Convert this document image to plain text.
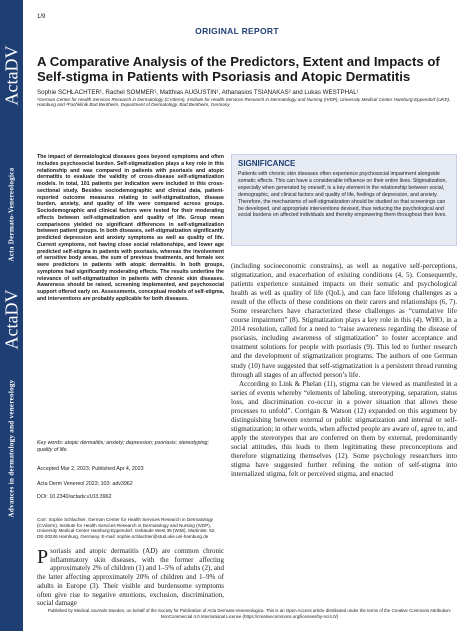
ActaDV
Acta Dermato-Venereologica
ActaDV
Advances in dermatology and venereology
1/9
ORIGINAL REPORT
A Comparative Analysis of the Predictors, Extent and Impacts of Self-stigma in Patients with Psoriasis and Atopic Dermatitis
Sophie SCHLACHTER¹, Rachel SOMMER¹, Matthias AUGUSTIN¹, Athanasios TSIANAKAS² and Lukas WESTPHAL¹
¹German Center for Health Services Research in Dermatology (CVderm), Institute for Health Services Research in Dermatology and Nursing (IVDP), University Medical Center Hamburg-Eppendorf (UKE), Hamburg and ²Fachklinik Bad Bentheim, Department of Dermatology, Bad Bentheim, Germany

The impact of dermatological diseases goes beyond symptoms and often includes psychosocial burden. Self-stigmatization plays a key role in this relationship and was compared in patients with psoriasis and atopic dermatitis to evaluate the validity of cross-disease self-stigmatization models. In total, 101 patients per indication were included in this cross-sectional study. Besides sociodemographic and clinical data, patient-reported outcome measures relating to self-stigmatization, disease burden, anxiety, and quality of life were compared across groups. Sociodemographic and clinical factors were tested for their moderating effects between self-stigmatization and quality of life. Group mean comparisons yielded no significant differences in self-stigmatization between patient groups. In both diseases, self-stigmatization significantly predicted depression and anxiety symptoms as well as quality of life. Current symptoms, not having close social relationships, and lower age predicted self-stigma in patients with psoriasis, whereas the involvement of sensitive body areas, the sum of previous treatments, and female sex were predictors in patients with atopic dermatitis. In both groups, symptoms had significantly moderating effects. The results underline the relevance of self-stigmatization in patients with chronic skin diseases. Awareness should be raised, screening implemented, and psychosocial support offered early on. Assessments, conceptual models of self-stigma, and interventions are probably applicable for both diseases.

Key words: atopic dermatitis; anxiety; depression; psoriasis; stereotyping; quality of life.

Accepted Mar 2, 2023; Published Apr 4, 2023

Acta Derm Venereol 2023; 103: adv3962

DOI: 10.2340/actadv.v103.3962

Corr: Sophie Schlachter, German Center for Health Services Research in Dermatology (CVderm), Institute for Health Services Research in Dermatology and Nursing (IVDP), University Medical Center Hamburg-Eppendorf, Gebäude West 38 (W38), Martinistr. 52, DE-20246 Hamburg, Germany. E-mail: sophie.schlachter@stud.uke.uni-hamburg.de

Psoriasis and atopic dermatitis (AD) are common chronic inflammatory skin diseases, with the former affecting approximately 2% of children (1) and 1–5% of adults (2), and the latter affecting approximately 20% of children and 1–9% of adults in Europe (3). Their visible and burdensome symptoms often give rise to negative emotions, exclusion, discrimination, social damage

SIGNIFICANCE

Patients with chronic skin diseases often experience psychosocial impairment alongside somatic effects. This can have a considerable influence on their entire lives. Stigmatization, especially when generated by oneself, is a key element in the relationship between social, demographic, and clinical factors and quality of life, feelings of depression, and anxiety. Therefore, the mechanisms of self-stigmatization should be studied so that screenings can be developed, and appropriate interventions devised, thus reducing the psychological and social burdens on affected individuals and thereby empowering them throughout their lives.

(including socioeconomic constrains), as well as negative self-perceptions, stigmatization, and exacerbation of existing conditions (4, 5). Consequently, patients experience sustained impacts on their somatic and psychological health as well as quality of life (QoL), and can face lifelong challenges as a result of the effects of these conditions on their carers and relationships (6, 7). Some researchers have characterized these challenges as “cumulative life course impairment” (8). Stigmatization plays a key role in this (4). WHO, in a 2014 resolution, called for a need to “raise awareness regarding the disease of psoriasis, including awareness of stigmatization” to foster acceptance and treatment solutions for people with psoriasis (9). This led to further research and the development of stigmatization programs. The authors of one German study (10) have suggested that self-stigmatization is a persistent thread running through all stages of an affected person’s life.

According to Link & Phelan (11), stigma can be viewed as manifested in a series of events whereby “elements of labeling, stereotyping, separation, status loss, and discrimination co-occur in a power situation that allows these processes to unfold”. Corrigan & Watson (12) expanded on this argument by distinguishing between external or public stigmatization and internal or self-stigmatization; in other words, when affected people are aware of, agree to, and apply the stereotypes that are conferred on them by external, predominantly social attitudes, this leads to them legitimating these preconceptions and therefore stigmatizing themselves (12). Some psychology researchers into stigma have suggested further refining the notion of self-stigma into internalized stigma, felt or perceived stigma, and enacted

Published by Medical Journals Sweden, on behalf of the Society for Publication of Acta Dermato-Venereologica. This is an Open Access article distributed under the terms of the Creative Commons Attribution-NonCommercial 4.0 International License (https://creativecommons.org/licenses/by-nc/4.0/)
